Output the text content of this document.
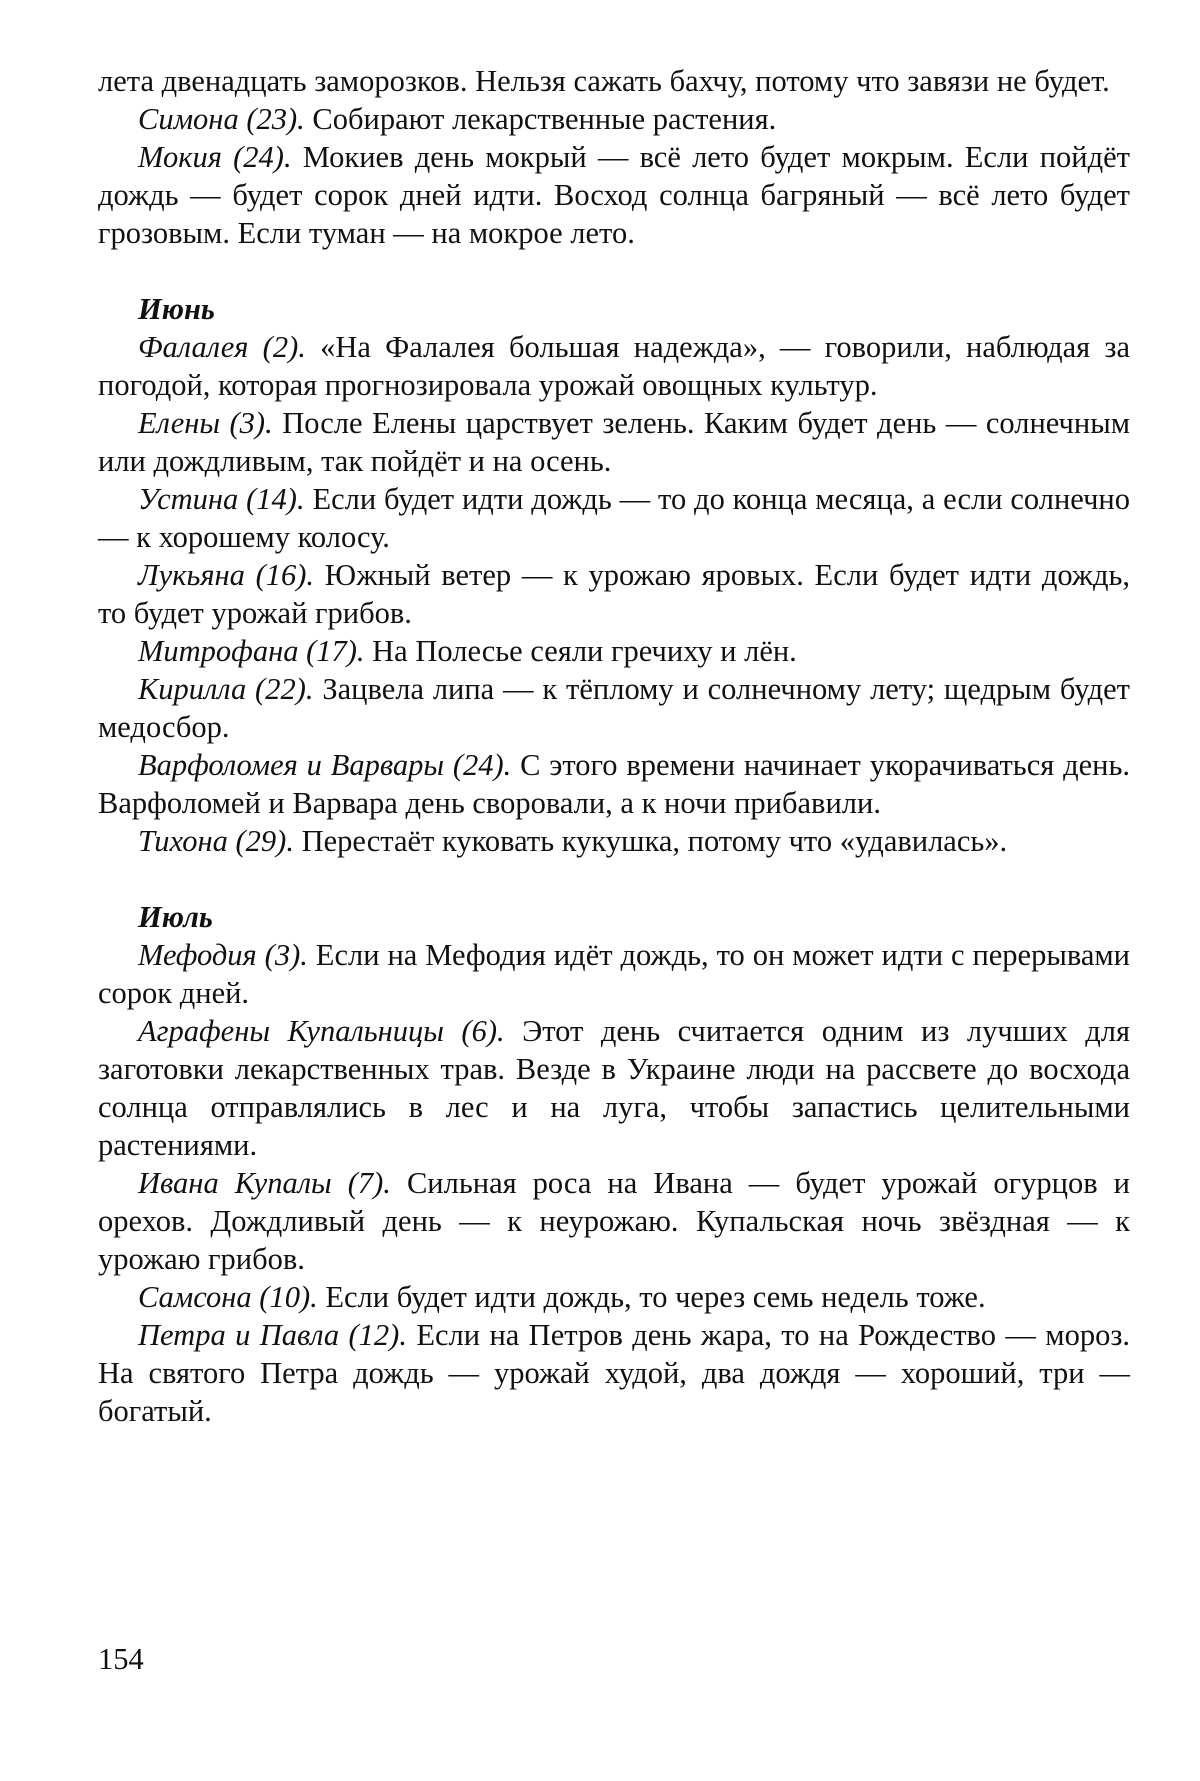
лета двенадцать заморозков. Нельзя сажать бахчу, потому что завязи не будет.

Симона (23). Собирают лекарственные растения.

Мокия (24). Мокиев день мокрый — всё лето будет мокрым. Если пойдёт дождь — будет сорок дней идти. Восход солнца багряный — всё лето будет грозовым. Если туман — на мокрое лето.

Июнь

Фалалея (2). «На Фалалея большая надежда», — говорили, наблюдая за погодой, которая прогнозировала урожай овощных культур.

Елены (3). После Елены царствует зелень. Каким будет день — солнечным или дождливым, так пойдёт и на осень.

Устина (14). Если будет идти дождь — то до конца месяца, а если солнечно — к хорошему колосу.

Лукьяна (16). Южный ветер — к урожаю яровых. Если будет идти дождь, то будет урожай грибов.

Митрофана (17). На Полесье сеяли гречиху и лён.

Кирилла (22). Зацвела липа — к тёплому и солнечному лету; щедрым будет медосбор.

Варфоломея и Варвары (24). С этого времени начинает укорачиваться день. Варфоломей и Варвара день своровали, а к ночи прибавили.

Тихона (29). Перестаёт куковать кукушка, потому что «удавилась».

Июль

Мефодия (3). Если на Мефодия идёт дождь, то он может идти с перерывами сорок дней.

Аграфены Купальницы (6). Этот день считается одним из лучших для заготовки лекарственных трав. Везде в Украине люди на рассвете до восхода солнца отправлялись в лес и на луга, чтобы запастись целительными растениями.

Ивана Купалы (7). Сильная роса на Ивана — будет урожай огурцов и орехов. Дождливый день — к неурожаю. Купальская ночь звёздная — к урожаю грибов.

Самсона (10). Если будет идти дождь, то через семь недель тоже.

Петра и Павла (12). Если на Петров день жара, то на Рождество — мороз. На святого Петра дождь — урожай худой, два дождя — хороший, три — богатый.

154
